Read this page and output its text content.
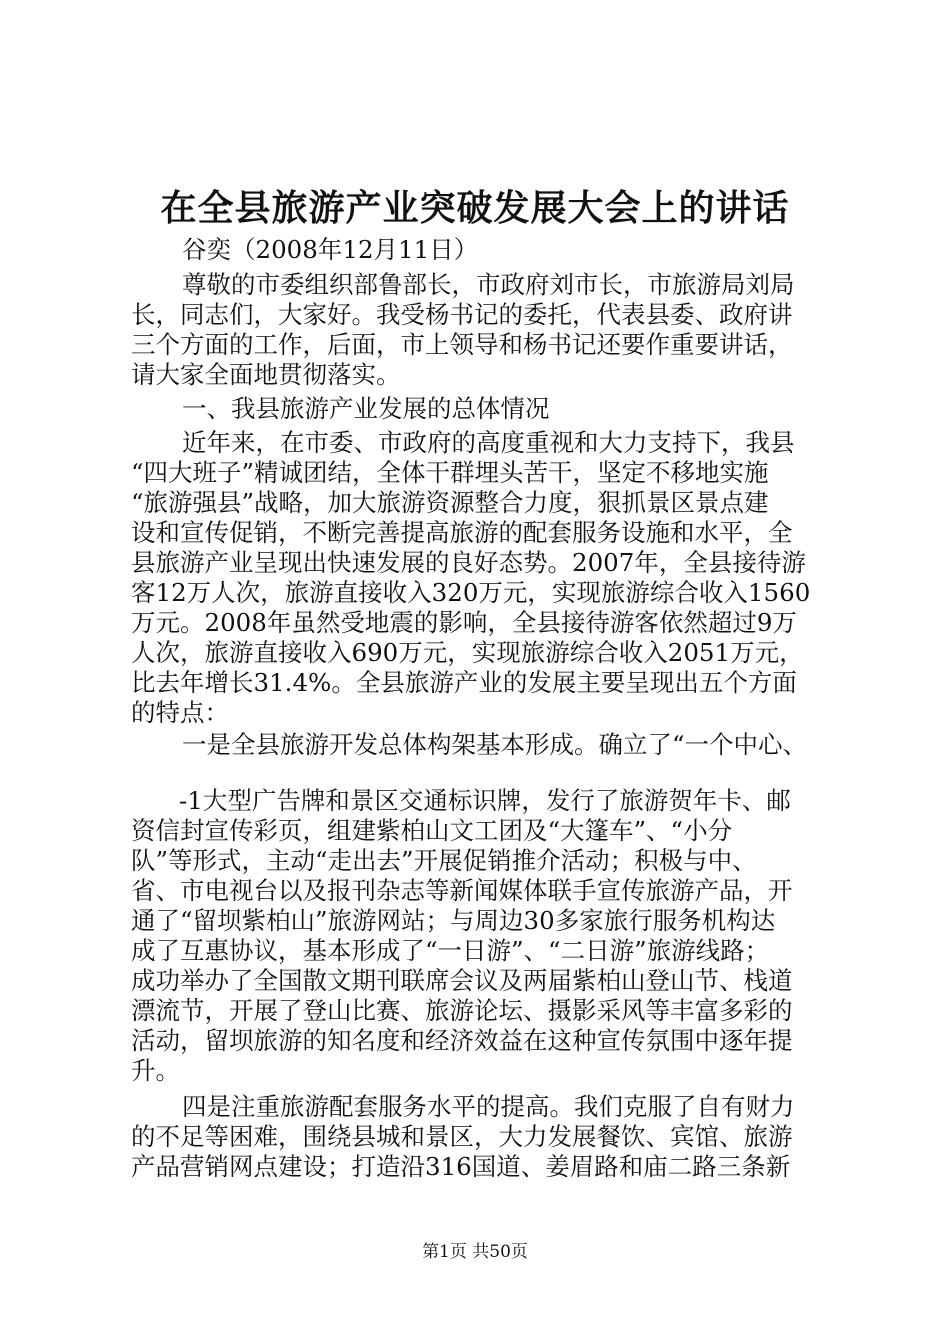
在全县旅游产业突破发展大会上的讲话
谷奕（2008年12月11日）
尊敬的市委组织部鲁部长，市政府刘市长，市旅游局刘局
长，同志们，大家好。我受杨书记的委托，代表县委、政府讲
三个方面的工作，后面，市上领导和杨书记还要作重要讲话，
请大家全面地贯彻落实。
一、我县旅游产业发展的总体情况
近年来，在市委、市政府的高度重视和大力支持下，我县
“四大班子”精诚团结，全体干群埋头苦干，坚定不移地实施
“旅游强县”战略，加大旅游资源整合力度，狠抓景区景点建
设和宣传促销，不断完善提高旅游的配套服务设施和水平，全
县旅游产业呈现出快速发展的良好态势。2007年，全县接待游
客12万人次，旅游直接收入320万元，实现旅游综合收入1560
万元。2008年虽然受地震的影响，全县接待游客依然超过9万
人次，旅游直接收入690万元，实现旅游综合收入2051万元，
比去年增长31.4%。全县旅游产业的发展主要呈现出五个方面
的特点：
一是全县旅游开发总体构架基本形成。确立了“一个中心、
-1大型广告牌和景区交通标识牌，发行了旅游贺年卡、邮
资信封宣传彩页，组建紫柏山文工团及“大篷车”、“小分
队”等形式，主动“走出去”开展促销推介活动；积极与中、
省、市电视台以及报刊杂志等新闻媒体联手宣传旅游产品，开
通了“留坝紫柏山”旅游网站；与周边30多家旅行服务机构达
成了互惠协议，基本形成了“一日游”、“二日游”旅游线路；
成功举办了全国散文期刊联席会议及两届紫柏山登山节、栈道
漂流节，开展了登山比赛、旅游论坛、摄影采风等丰富多彩的
活动，留坝旅游的知名度和经济效益在这种宣传氛围中逐年提
升。
四是注重旅游配套服务水平的提高。我们克服了自有财力
的不足等困难，围绕县城和景区，大力发展餐饮、宾馆、旅游
产品营销网点建设；打造沿316国道、姜眉路和庙二路三条新
第1页 共50页
